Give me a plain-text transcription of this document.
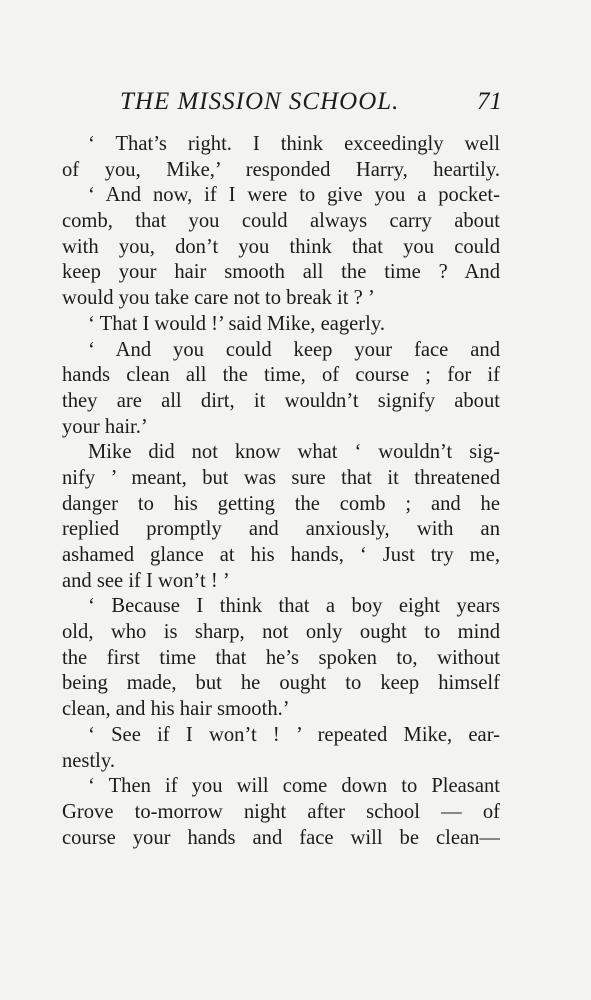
THE MISSION SCHOOL.	71
‘ That’s right. I think exceedingly well
of you, Mike,’ responded Harry, heartily.
‘ And now, if I were to give you a pocket-
comb, that you could always carry about
with you, don’t you think that you could
keep your hair smooth all the time ? And
would you take care not to break it ? ’
‘ That I would !’ said Mike, eagerly.
‘ And you could keep your face and
hands clean all the time, of course ; for if
they are all dirt, it wouldn’t signify about
your hair.’
Mike did not know what ‘ wouldn’t sig-
nify ’ meant, but was sure that it threatened
danger to his getting the comb ; and he
replied promptly and anxiously, with an
ashamed glance at his hands, ‘ Just try me,
and see if I won’t ! ’
‘ Because I think that a boy eight years
old, who is sharp, not only ought to mind
the first time that he’s spoken to, without
being made, but he ought to keep himself
clean, and his hair smooth.’
‘ See if I won’t ! ’ repeated Mike, ear-
nestly.
‘ Then if you will come down to Pleasant
Grove to-morrow night after school — of
course your hands and face will be clean—
